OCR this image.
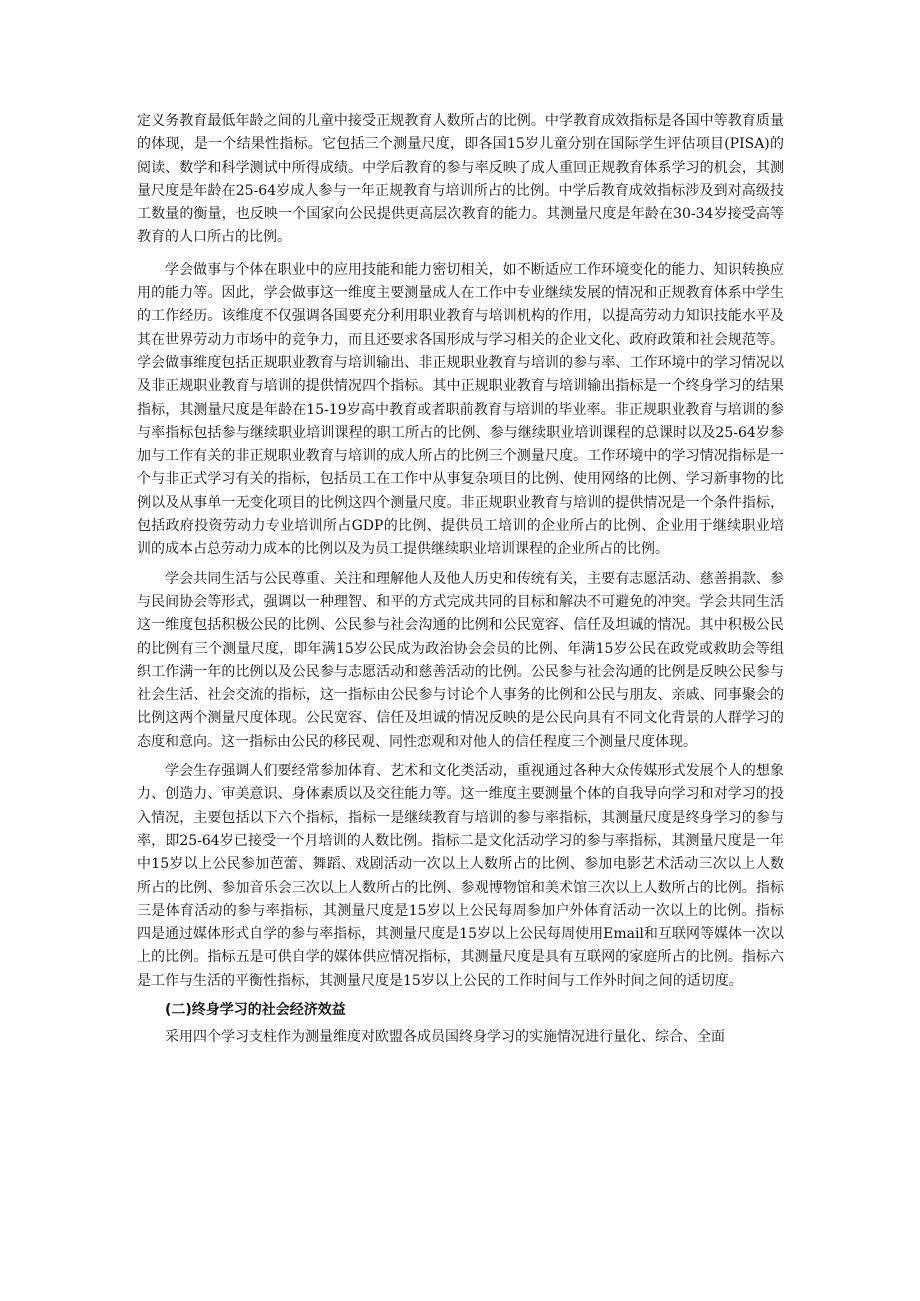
定义务教育最低年龄之间的儿童中接受正规教育人数所占的比例。中学教育成效指标是各国中等教育质量的体现，是一个结果性指标。它包括三个测量尺度，即各国15岁儿童分别在国际学生评估项目(PISA)的阅读、数学和科学测试中所得成绩。中学后教育的参与率反映了成人重回正规教育体系学习的机会，其测量尺度是年龄在25-64岁成人参与一年正规教育与培训所占的比例。中学后教育成效指标涉及到对高级技工数量的衡量，也反映一个国家向公民提供更高层次教育的能力。其测量尺度是年龄在30-34岁接受高等教育的人口所占的比例。

学会做事与个体在职业中的应用技能和能力密切相关，如不断适应工作环境变化的能力、知识转换应用的能力等。因此，学会做事这一维度主要测量成人在工作中专业继续发展的情况和正规教育体系中学生的工作经历。该维度不仅强调各国要充分利用职业教育与培训机构的作用，以提高劳动力知识技能水平及其在世界劳动力市场中的竞争力，而且还要求各国形成与学习相关的企业文化、政府政策和社会规范等。学会做事维度包括正规职业教育与培训输出、非正规职业教育与培训的参与率、工作环境中的学习情况以及非正规职业教育与培训的提供情况四个指标。其中正规职业教育与培训输出指标是一个终身学习的结果指标，其测量尺度是年龄在15-19岁高中教育或者职前教育与培训的毕业率。非正规职业教育与培训的参与率指标包括参与继续职业培训课程的职工所占的比例、参与继续职业培训课程的总课时以及25-64岁参加与工作有关的非正规职业教育与培训的成人所占的比例三个测量尺度。工作环境中的学习情况指标是一个与非正式学习有关的指标，包括员工在工作中从事复杂项目的比例、使用网络的比例、学习新事物的比例以及从事单一无变化项目的比例这四个测量尺度。非正规职业教育与培训的提供情况是一个条件指标，包括政府投资劳动力专业培训所占GDP的比例、提供员工培训的企业所占的比例、企业用于继续职业培训的成本占总劳动力成本的比例以及为员工提供继续职业培训课程的企业所占的比例。

学会共同生活与公民尊重、关注和理解他人及他人历史和传统有关，主要有志愿活动、慈善捐款、参与民间协会等形式，强调以一种理智、和平的方式完成共同的目标和解决不可避免的冲突。学会共同生活这一维度包括积极公民的比例、公民参与社会沟通的比例和公民宽容、信任及坦诚的情况。其中积极公民的比例有三个测量尺度，即年满15岁公民成为政治协会会员的比例、年满15岁公民在政党或救助会等组织工作满一年的比例以及公民参与志愿活动和慈善活动的比例。公民参与社会沟通的比例是反映公民参与社会生活、社会交流的指标，这一指标由公民参与讨论个人事务的比例和公民与朋友、亲戚、同事聚会的比例这两个测量尺度体现。公民宽容、信任及坦诚的情况反映的是公民向具有不同文化背景的人群学习的态度和意向。这一指标由公民的移民观、同性恋观和对他人的信任程度三个测量尺度体现。

学会生存强调人们要经常参加体育、艺术和文化类活动，重视通过各种大众传媒形式发展个人的想象力、创造力、审美意识、身体素质以及交往能力等。这一维度主要测量个体的自我导向学习和对学习的投入情况，主要包括以下六个指标，指标一是继续教育与培训的参与率指标，其测量尺度是终身学习的参与率，即25-64岁已接受一个月培训的人数比例。指标二是文化活动学习的参与率指标，其测量尺度是一年中15岁以上公民参加芭蕾、舞蹈、戏剧活动一次以上人数所占的比例、参加电影艺术活动三次以上人数所占的比例、参加音乐会三次以上人数所占的比例、参观博物馆和美术馆三次以上人数所占的比例。指标三是体育活动的参与率指标，其测量尺度是15岁以上公民每周参加户外体育活动一次以上的比例。指标四是通过媒体形式自学的参与率指标，其测量尺度是15岁以上公民每周使用Email和互联网等媒体一次以上的比例。指标五是可供自学的媒体供应情况指标，其测量尺度是具有互联网的家庭所占的比例。指标六是工作与生活的平衡性指标，其测量尺度是15岁以上公民的工作时间与工作外时间之间的适切度。

(二)终身学习的社会经济效益

采用四个学习支柱作为测量维度对欧盟各成员国终身学习的实施情况进行量化、综合、全面
